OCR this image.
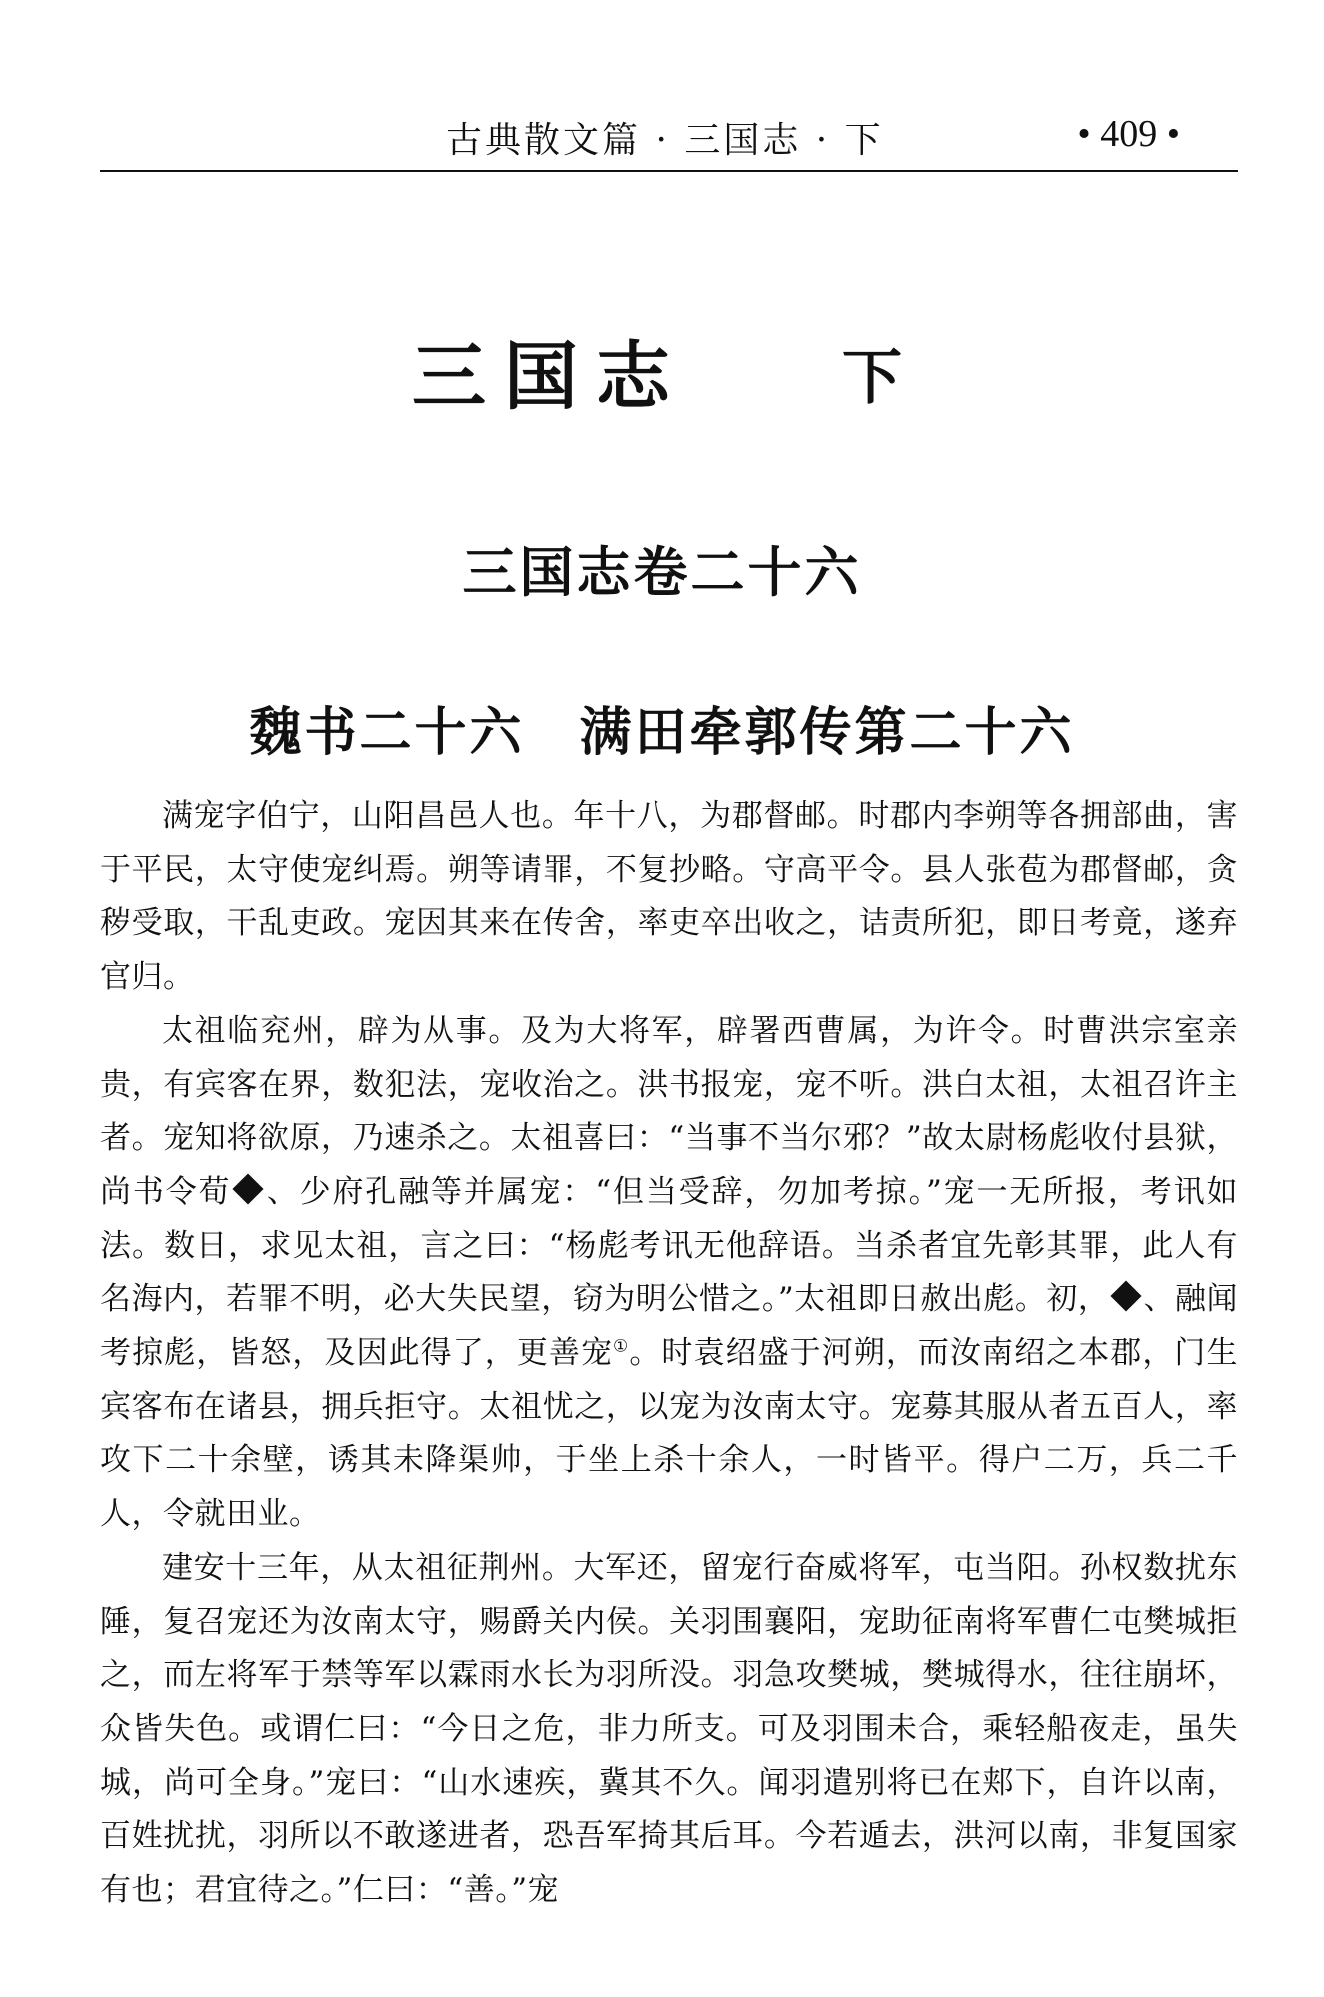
古典散文篇 · 三国志 · 下	• 409 •
三国志	下
三国志卷二十六
魏书二十六　满田牵郭传第二十六

满宠字伯宁，山阳昌邑人也。年十八，为郡督邮。时郡内李朔等各拥部曲，害于平民，太守使宠纠焉。朔等请罪，不复抄略。守高平令。县人张苞为郡督邮，贪秽受取，干乱吏政。宠因其来在传舍，率吏卒出收之，诘责所犯，即日考竟，遂弃官归。

太祖临兖州，辟为从事。及为大将军，辟署西曹属，为许令。时曹洪宗室亲贵，有宾客在界，数犯法，宠收治之。洪书报宠，宠不听。洪白太祖，太祖召许主者。宠知将欲原，乃速杀之。太祖喜曰：“当事不当尔邪？”故太尉杨彪收付县狱，尚书令荀 、少府孔融等并属宠：“但当受辞，勿加考掠。”宠一无所报，考讯如法。数日，求见太祖，言之曰：“杨彪考讯无他辞语。当杀者宜先彰其罪，此人有名海内，若罪不明，必大失民望，窃为明公惜之。”太祖即日赦出彪。初， 、融闻考掠彪，皆怒，及因此得了，更善宠①。时袁绍盛于河朔，而汝南绍之本郡，门生宾客布在诸县，拥兵拒守。太祖忧之，以宠为汝南太守。宠募其服从者五百人，率攻下二十余壁，诱其未降渠帅，于坐上杀十余人，一时皆平。得户二万，兵二千人，令就田业。

建安十三年，从太祖征荆州。大军还，留宠行奋威将军，屯当阳。孙权数扰东陲，复召宠还为汝南太守，赐爵关内侯。关羽围襄阳，宠助征南将军曹仁屯樊城拒之，而左将军于禁等军以霖雨水长为羽所没。羽急攻樊城，樊城得水，往往崩坏，众皆失色。或谓仁曰：“今日之危，非力所支。可及羽围未合，乘轻船夜走，虽失城，尚可全身。”宠曰：“山水速疾，冀其不久。闻羽遣别将已在郏下，自许以南，百姓扰扰，羽所以不敢遂进者，恐吾军掎其后耳。今若遁去，洪河以南，非复国家有也；君宜待之。”仁曰：“善。”宠
